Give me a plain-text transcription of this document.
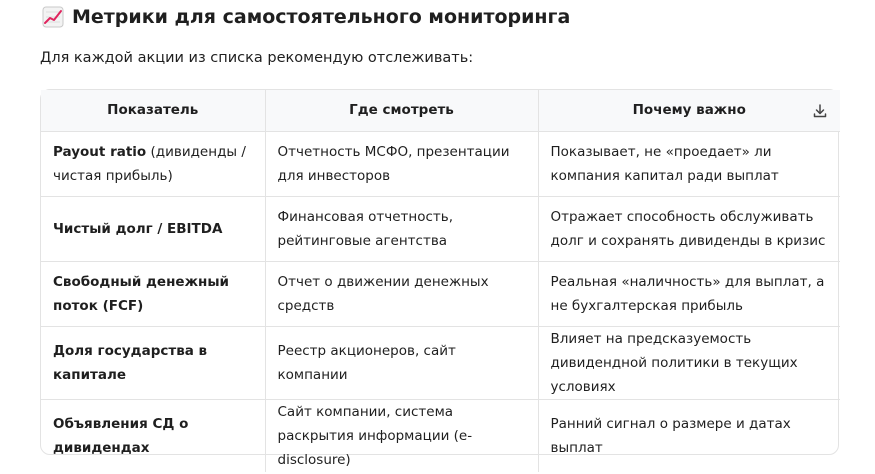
Метрики для самостоятельного мониторинга
Для каждой акции из списка рекомендую отслеживать:
Показатель	Где смотреть	Почему важно

Payout ratio (дивиденды / чистая прибыль)	Отчетность МСФО, презентации для инвесторов	Показывает, не «проедает» ли компания капитал ради выплат
Чистый долг / EBITDA	Финансовая отчетность, рейтинговые агентства	Отражает способность обслуживать долг и сохранять дивиденды в кризис
Свободный денежный поток (FCF)	Отчет о движении денежных средств	Реальная «наличность» для выплат, а не бухгалтерская прибыль
Доля государства в капитале	Реестр акционеров, сайт компании	Влияет на предсказуемость дивидендной политики в текущих условиях
Объявления СД о дивидендах	Сайт компании, система раскрытия информации (e-disclosure)	Ранний сигнал о размере и датах выплат
